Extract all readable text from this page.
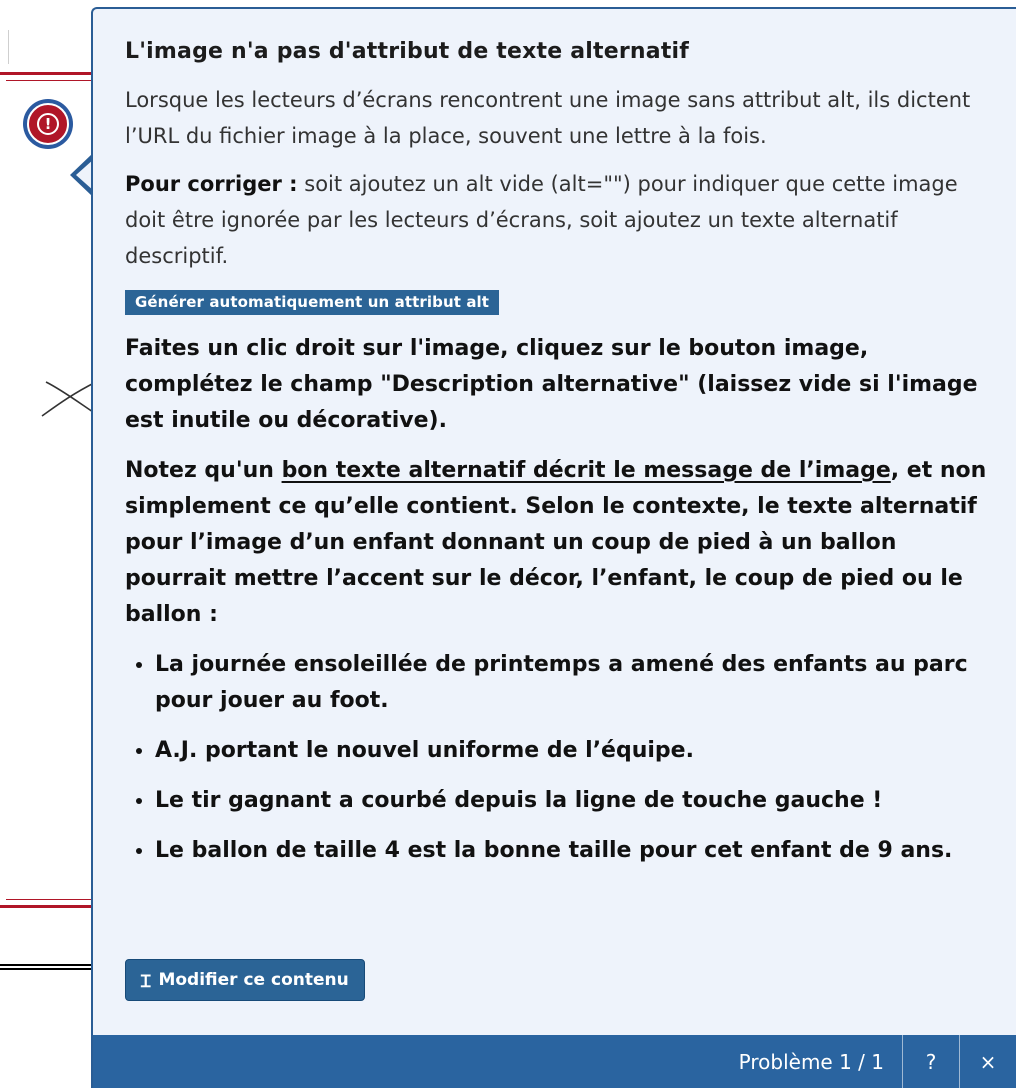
!
L'image n'a pas d'attribut de texte alternatif

Lorsque les lecteurs d’écrans rencontrent une image sans attribut alt, ils dictent l’URL du fichier image à la place, souvent une lettre à la fois.

Pour corriger : soit ajoutez un alt vide (alt="") pour indiquer que cette image doit être ignorée par les lecteurs d’écrans, soit ajoutez un texte alternatif descriptif.

Générer automatiquement un attribut alt

Faites un clic droit sur l'image, cliquez sur le bouton image, complétez le champ "Description alternative" (laissez vide si l'image est inutile ou décorative).

Notez qu'un bon texte alternatif décrit le message de l’image, et non simplement ce qu’elle contient. Selon le contexte, le texte alternatif pour l’image d’un enfant donnant un coup de pied à un ballon pourrait mettre l’accent sur le décor, l’enfant, le coup de pied ou le ballon :

• La journée ensoleillée de printemps a amené des enfants au parc pour jouer au foot.
• A.J. portant le nouvel uniforme de l’équipe.
• Le tir gagnant a courbé depuis la ligne de touche gauche !
• Le ballon de taille 4 est la bonne taille pour cet enfant de 9 ans.
Ɪ Modifier ce contenu
Problème 1 / 1	?	×
